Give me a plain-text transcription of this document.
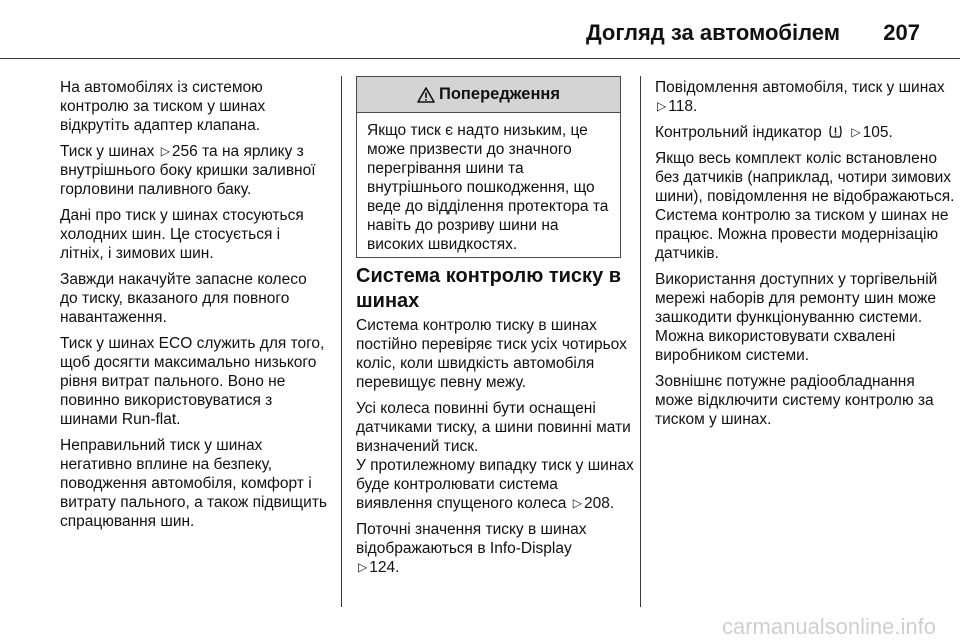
Догляд за автомобілем	207

На автомобілях із системою контролю за тиском у шинах відкрутіть адаптер клапана.

Тиск у шинах ▷ 256 та на ярлику з внутрішнього боку кришки заливної горловини паливного баку.

Дані про тиск у шинах стосуються холодних шин. Це стосується і літніх, і зимових шин.

Завжди накачуйте запасне колесо до тиску, вказаного для повного навантаження.

Тиск у шинах ECO служить для того, щоб досягти максимально низького рівня витрат пального. Воно не повинно використовуватися з шинами Run-flat.

Неправильний тиск у шинах негативно вплине на безпеку, поводження автомобіля, комфорт і витрату пального, а також підвищить спрацювання шин.

Попередження
Якщо тиск є надто низьким, це може призвести до значного перегрівання шини та внутрішнього пошкодження, що веде до відділення протектора та навіть до розриву шини на високих швидкостях.
Система контролю тиску в шинах

Система контролю тиску в шинах постійно перевіряє тиск усіх чотирьох коліс, коли швидкість автомобіля перевищує певну межу.

Усі колеса повинні бути оснащені датчиками тиску, а шини повинні мати визначений тиск.
У протилежному випадку тиск у шинах буде контролювати система виявлення спущеного колеса ▷ 208.

Поточні значення тиску в шинах відображаються в Info-Display
▷ 124.

Повідомлення автомобіля, тиск у шинах ▷ 118.

Контрольний індикатор ▷ 105.

Якщо весь комплект коліс встановлено без датчиків (наприклад, чотири зимових шини), повідомлення не відображаються. Система контролю за тиском у шинах не працює. Можна провести модернізацію датчиків.

Використання доступних у торгівельній мережі наборів для ремонту шин може зашкодити функціонуванню системи. Можна використовувати схвалені виробником системи.

Зовнішнє потужне радіообладнання може відключити систему контролю за тиском у шинах.

carmanualsonline.info
